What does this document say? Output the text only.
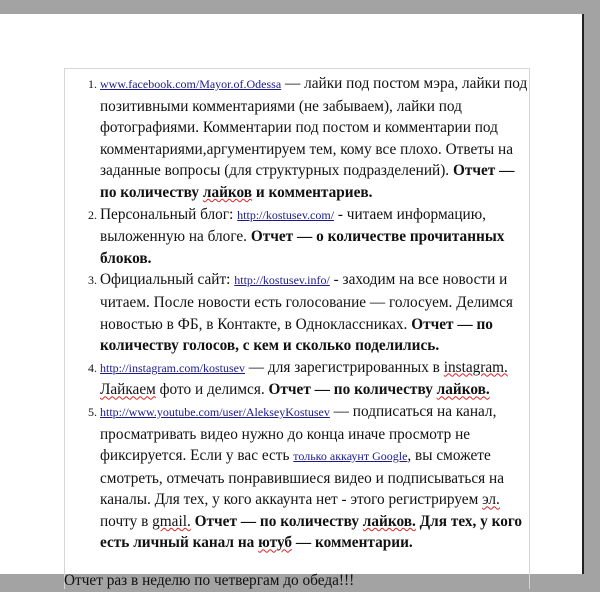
1. www.facebook.com/Mayor.of.Odessa — лайки под постом мэра, лайки под позитивными комментариями (не забываем), лайки под фотографиями. Комментарии под постом и комментарии под комментариями,аргументируем тем, кому все плохо. Ответы на заданные вопросы (для структурных подразделений). Отчет — по количеству лайков и комментариев.
2. Персональный блог: http://kostusev.com/ - читаем информацию, выложенную на блоге. Отчет — о количестве прочитанных блоков.
3. Официальный сайт: http://kostusev.info/ - заходим на все новости и читаем. После новости есть голосование — голосуем. Делимся новостью в ФБ, в Контакте, в Одноклассниках. Отчет — по количеству голосов, с кем и сколько поделились.
4. http://instagram.com/kostusev — для зарегистрированных в instagram. Лайкаем фото и делимся. Отчет — по количеству лайков.
5. http://www.youtube.com/user/AlekseyKostusev — подписаться на канал, просматривать видео нужно до конца иначе просмотр не фиксируется. Если у вас есть только аккаунт Google, вы сможете смотреть, отмечать понравившиеся видео и подписываться на каналы. Для тех, у кого аккаунта нет - этого регистрируем эл. почту в gmail. Отчет — по количеству лайков. Для тех, у кого есть личный канал на ютуб — комментарии.

Отчет раз в неделю по четвергам до обеда!!!
